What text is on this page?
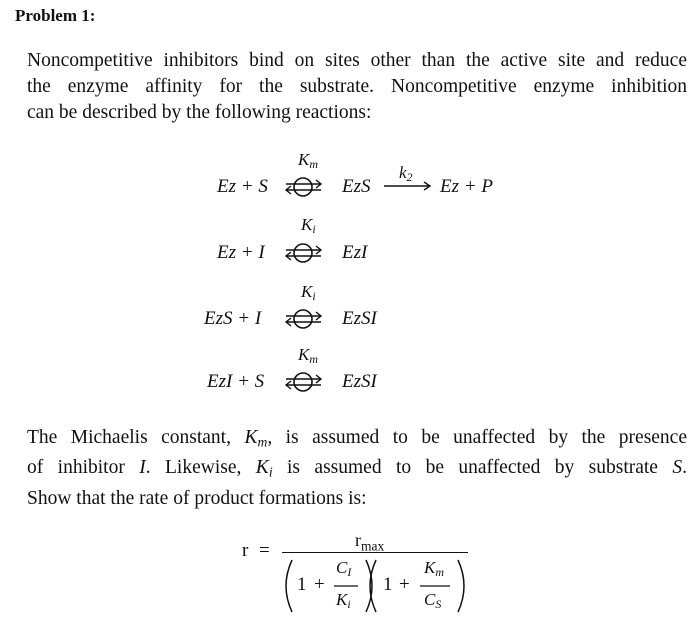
Problem 1:
Noncompetitive inhibitors bind on sites other than the active site and reduce
the enzyme affinity for the substrate. Noncompetitive enzyme inhibition
can be described by the following reactions:
$K_m$
Ez + S ⇌ EzS
$k_2$ Ez + P
$K_i$
Ez + I ⇌ EzI
$K_i$
EzS + I ⇌ EzSI
$K_m$
EzI + S ⇌ EzSI
The Michaelis constant, $K_m$, is assumed to be unaffected by the presence
of inhibitor I. Likewise, $K_i$ is assumed to be unaffected by substrate S.
Show that the rate of product formations is:
r =	$r_{max}$
1 +
$C_I$
$K_i$
1 +
$K_m$
$C_S$
